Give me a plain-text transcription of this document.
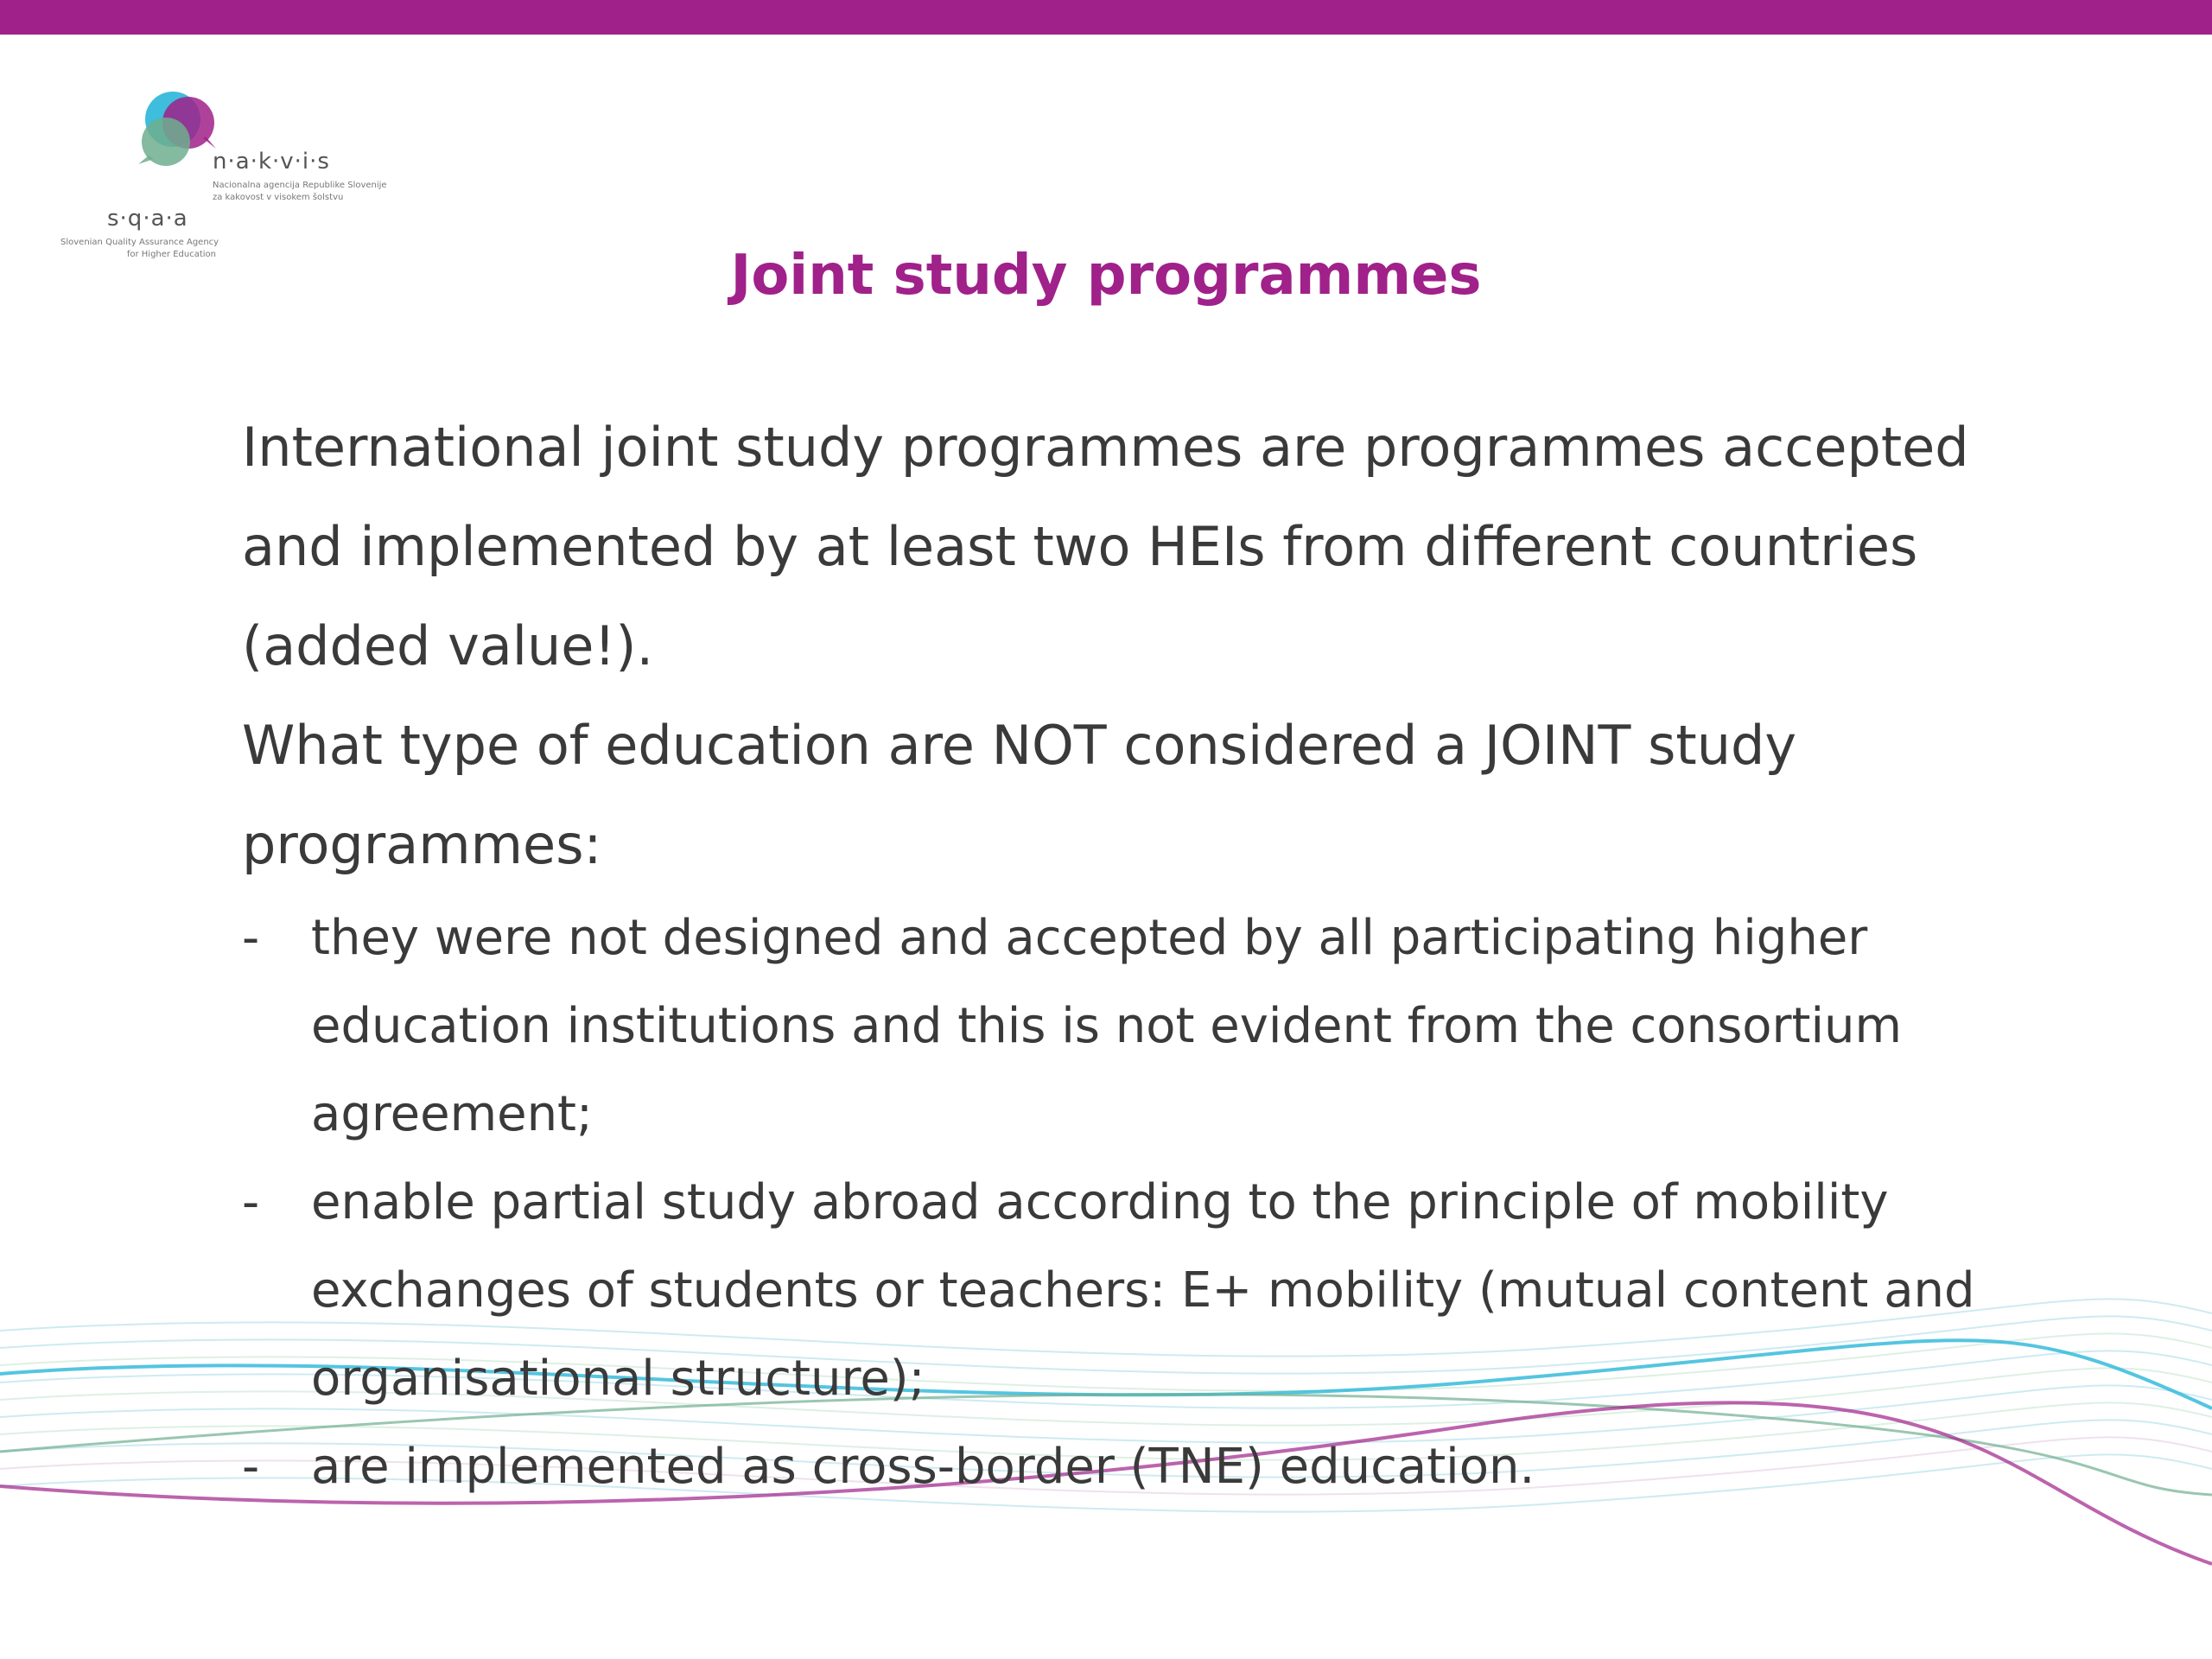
n·a·k·v·i·s
Nacionalna agencija Republike Slovenije
za kakovost v visokem šolstvu
s·q·a·a
Slovenian Quality Assurance Agency
for Higher Education	Joint study programmes

International joint study programmes are programmes accepted and implemented by at least two HEIs from different countries (added value!).

What type of education are NOT considered a JOINT study programmes:

- they were not designed and accepted by all participating higher education institutions and this is not evident from the consortium agreement;
- enable partial study abroad according to the principle of mobility exchanges of students or teachers: E+ mobility (mutual content and organisational structure);
- are implemented as cross-border (TNE) education.
